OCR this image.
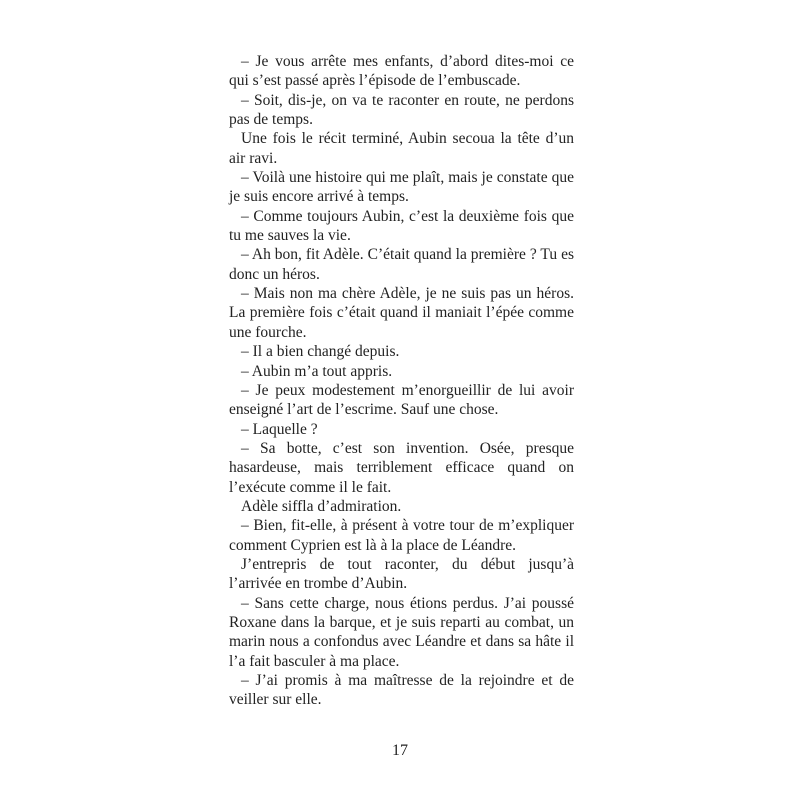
– Je vous arrête mes enfants, d’abord dites-moi ce qui s’est passé après l’épisode de l’embuscade.

– Soit, dis-je, on va te raconter en route, ne perdons pas de temps.

Une fois le récit terminé, Aubin secoua la tête d’un air ravi.

– Voilà une histoire qui me plaît, mais je constate que je suis encore arrivé à temps.

– Comme toujours Aubin, c’est la deuxième fois que tu me sauves la vie.

– Ah bon, fit Adèle. C’était quand la première ? Tu es donc un héros.

– Mais non ma chère Adèle, je ne suis pas un héros. La première fois c’était quand il maniait l’épée comme une fourche.

– Il a bien changé depuis.

– Aubin m’a tout appris.

– Je peux modestement m’enorgueillir de lui avoir enseigné l’art de l’escrime. Sauf une chose.

– Laquelle ?

– Sa botte, c’est son invention. Osée, presque hasardeuse, mais terriblement efficace quand on l’exécute comme il le fait.

Adèle siffla d’admiration.

– Bien, fit-elle, à présent à votre tour de m’expliquer comment Cyprien est là à la place de Léandre.

J’entrepris de tout raconter, du début jusqu’à l’arrivée en trombe d’Aubin.

– Sans cette charge, nous étions perdus. J’ai poussé Roxane dans la barque, et je suis reparti au combat, un marin nous a confondus avec Léandre et dans sa hâte il l’a fait basculer à ma place.

– J’ai promis à ma maîtresse de la rejoindre et de veiller sur elle.

17
